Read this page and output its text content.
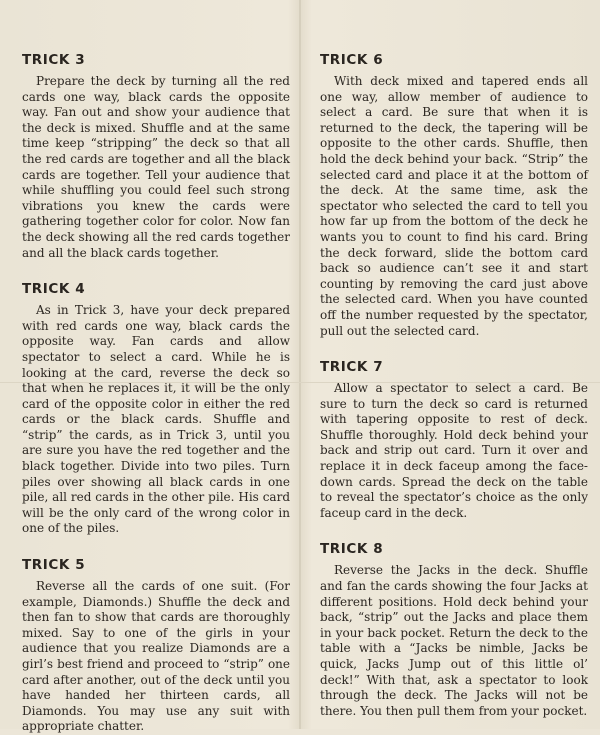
TRICK 3

Prepare the deck by turning all the red cards one way, black cards the opposite way. Fan out and show your audience that the deck is mixed. Shuffle and at the same time keep “stripping” the deck so that all the red cards are together and all the black cards are together. Tell your audience that while shuffling you could feel such strong vibrations you knew the cards were gathering together color for color. Now fan the deck showing all the red cards together and all the black cards together.

TRICK 4

As in Trick 3, have your deck prepared with red cards one way, black cards the opposite way. Fan cards and allow spectator to select a card. While he is looking at the card, reverse the deck so that when he replaces it, it will be the only card of the opposite color in either the red cards or the black cards. Shuffle and “strip” the cards, as in Trick 3, until you are sure you have the red together and the black together. Divide into two piles. Turn piles over showing all black cards in one pile, all red cards in the other pile. His card will be the only card of the wrong color in one of the piles.

TRICK 5

Reverse all the cards of one suit. (For example, Diamonds.) Shuffle the deck and then fan to show that cards are thoroughly mixed. Say to one of the girls in your audience that you realize Diamonds are a girl’s best friend and proceed to “strip” one card after another, out of the deck until you have handed her thirteen cards, all Diamonds. You may use any suit with appropriate chatter.

TRICK 6

With deck mixed and tapered ends all one way, allow member of audience to select a card. Be sure that when it is returned to the deck, the tapering will be opposite to the other cards. Shuffle, then hold the deck behind your back. “Strip” the selected card and place it at the bottom of the deck. At the same time, ask the spectator who selected the card to tell you how far up from the bottom of the deck he wants you to count to find his card. Bring the deck forward, slide the bottom card back so audience can’t see it and start counting by removing the card just above the selected card. When you have counted off the number requested by the spectator, pull out the selected card.

TRICK 7

Allow a spectator to select a card. Be sure to turn the deck so card is returned with tapering opposite to rest of deck. Shuffle thoroughly. Hold deck behind your back and strip out card. Turn it over and replace it in deck faceup among the face-down cards. Spread the deck on the table to reveal the spectator’s choice as the only faceup card in the deck.

TRICK 8

Reverse the Jacks in the deck. Shuffle and fan the cards showing the four Jacks at different positions. Hold deck behind your back, “strip” out the Jacks and place them in your back pocket. Return the deck to the table with a “Jacks be nimble, Jacks be quick, Jacks Jump out of this little ol’ deck!” With that, ask a spectator to look through the deck. The Jacks will not be there. You then pull them from your pocket.
